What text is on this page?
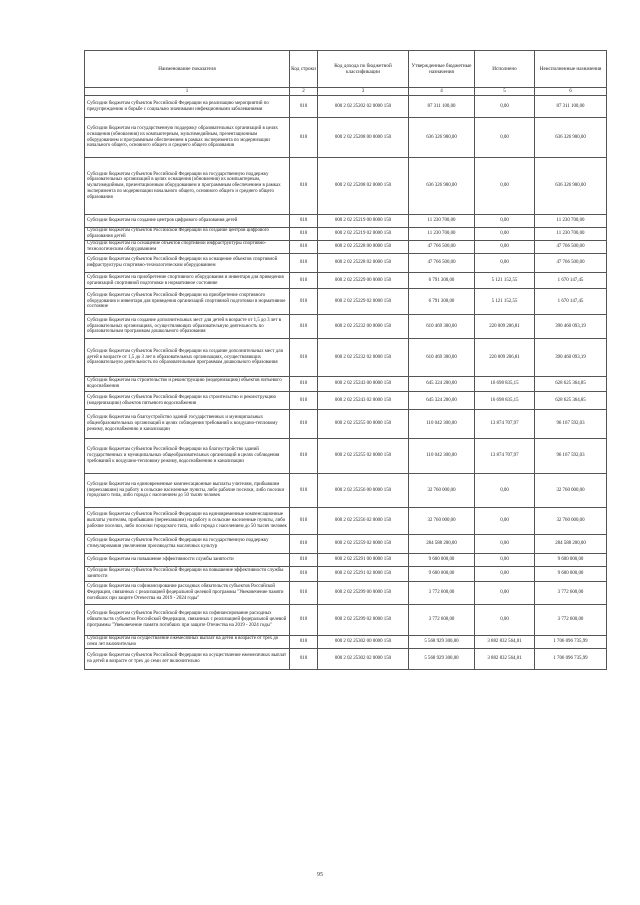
Наименование показателя	Код строки	Код дохода по бюджетной классификации	Утвержденные бюджетные назначения	Исполнено	Неисполненные назначения
1	2	3	4	5	6
Субсидии бюджетам субъектов Российской Федерации на реализацию мероприятий по предупреждению и борьбе с социально значимыми инфекционными заболеваниями	010	000 2 02 25202 02 0000 150	87 311 100,00	0,00	87 311 100,00
Субсидии бюджетам на государственную поддержку образовательных организаций в целях оснащения (обновления) их компьютерным, мультимедийным, презентационным оборудованием и программным обеспечением в рамках эксперимента по модернизации начального общего, основного общего и среднего общего образования	010	000 2 02 25208 00 0000 150	636 326 900,00	0,00	636 326 900,00
Субсидии бюджетам субъектов Российской Федерации на государственную поддержку образовательных организаций в целях оснащения (обновления) их компьютерным, мультимедийным, презентационным оборудованием и программным обеспечением в рамках эксперимента по модернизации начального общего, основного общего и среднего общего образования	010	000 2 02 25208 02 0000 150	636 326 900,00	0,00	636 326 900,00
Субсидии бюджетам на создание центров цифрового образования детей	010	000 2 02 25219 00 0000 150	11 230 700,00	0,00	11 230 700,00
Субсидии бюджетам субъектов Российской Федерации на создание центров цифрового образования детей	010	000 2 02 25219 02 0000 150	11 230 700,00	0,00	11 230 700,00
Субсидии бюджетам на оснащение объектов спортивной инфраструктуры спортивно-технологическим оборудованием	010	000 2 02 25228 00 0000 150	47 766 500,00	0,00	47 766 500,00
Субсидии бюджетам субъектов Российской Федерации на оснащение объектов спортивной инфраструктуры спортивно-технологическим оборудованием	010	000 2 02 25228 02 0000 150	47 766 500,00	0,00	47 766 500,00
Субсидии бюджетам на приобретение спортивного оборудования и инвентаря для приведения организаций спортивной подготовки в нормативное состояние	010	000 2 02 25229 00 0000 150	6 791 300,00	5 121 152,55	1 670 147,45
Субсидии бюджетам субъектов Российской Федерации на приобретение спортивного оборудования и инвентаря для приведения организаций спортивной подготовки в нормативное состояние	010	000 2 02 25229 02 0000 150	6 791 300,00	5 121 152,55	1 670 147,45
Субсидии бюджетам на создание дополнительных мест для детей в возрасте от 1,5 до 3 лет в образовательных организациях, осуществляющих образовательную деятельность по образовательным программам дошкольного образования	010	000 2 02 25232 00 0000 150	610 469 300,00	220 009 206,81	390 460 093,19
Субсидии бюджетам субъектов Российской Федерации на создание дополнительных мест для детей в возрасте от 1,5 до 3 лет в образовательных организациях, осуществляющих образовательную деятельность по образовательным программам дошкольного образования	010	000 2 02 25232 02 0000 150	610 469 300,00	220 009 206,81	390 460 093,19
Субсидии бюджетам на строительство и реконструкцию (модернизацию) объектов питьевого водоснабжения	010	000 2 02 25243 00 0000 150	645 324 200,00	16 698 835,15	628 625 364,85
Субсидии бюджетам субъектов Российской Федерации на строительство и реконструкцию (модернизацию) объектов питьевого водоснабжения	010	000 2 02 25243 02 0000 150	645 324 200,00	16 698 835,15	628 625 364,85
Субсидии бюджетам на благоустройство зданий государственных и муниципальных общеобразовательных организаций в целях соблюдения требований к воздушно-тепловому режиму, водоснабжению и канализации	010	000 2 02 25255 00 0000 150	110 042 300,00	13 874 707,97	96 167 592,03
Субсидии бюджетам субъектов Российской Федерации на благоустройство зданий государственных и муниципальных общеобразовательных организаций в целях соблюдения требований к воздушно-тепловому режиму, водоснабжению и канализации	010	000 2 02 25255 02 0000 150	110 042 300,00	13 874 707,97	96 167 592,03
Субсидии бюджетам на единовременные компенсационные выплаты учителям, прибывшим (переехавшим) на работу в сельские населенные пункты, либо рабочие поселки, либо поселки городского типа, либо города с населением до 50 тысяч человек	010	000 2 02 25256 00 0000 150	32 760 000,00	0,00	32 760 000,00
Субсидии бюджетам субъектов Российской Федерации на единовременные компенсационные выплаты учителям, прибывшим (переехавшим) на работу в сельские населенные пункты, либо рабочие поселки, либо поселки городского типа, либо города с населением до 50 тысяч человек	010	000 2 02 25256 02 0000 150	32 760 000,00	0,00	32 760 000,00
Субсидии бюджетам субъектов Российской Федерации на государственную поддержку стимулирования увеличения производства масличных культур	010	000 2 02 25259 02 0000 150	284 588 200,00	0,00	284 588 200,00
Субсидии бюджетам на повышение эффективности службы занятости	010	000 2 02 25291 00 0000 150	9 600 000,00	0,00	9 600 000,00
Субсидии бюджетам субъектов Российской Федерации на повышение эффективности службы занятости	010	000 2 02 25291 02 0000 150	9 600 000,00	0,00	9 600 000,00
Субсидии бюджетам на софинансирование расходных обязательств субъектов Российской Федерации, связанных с реализацией федеральной целевой программы "Увековечение памяти погибших при защите Отечества на 2019 - 2024 годы"	010	000 2 02 25299 00 0000 150	3 772 600,00	0,00	3 772 600,00
Субсидии бюджетам субъектов Российской Федерации на софинансирование расходных обязательств субъектов Российской Федерации, связанных с реализацией федеральной целевой программы "Увековечение памяти погибших при защите Отечества на 2019 - 2024 годы"	010	000 2 02 25299 02 0000 150	3 772 600,00	0,00	3 772 600,00
Субсидии бюджетам на осуществление ежемесячных выплат на детей в возрасте от трех до семи лет включительно	010	000 2 02 25302 00 0000 150	5 568 929 300,00	3 882 832 564,01	1 706 096 735,99
Субсидии бюджетам субъектов Российской Федерации на осуществление ежемесячных выплат на детей в возрасте от трех до семи лет включительно	010	000 2 02 25302 02 0000 150	5 568 929 300,00	3 882 832 564,01	1 706 096 735,99
95
